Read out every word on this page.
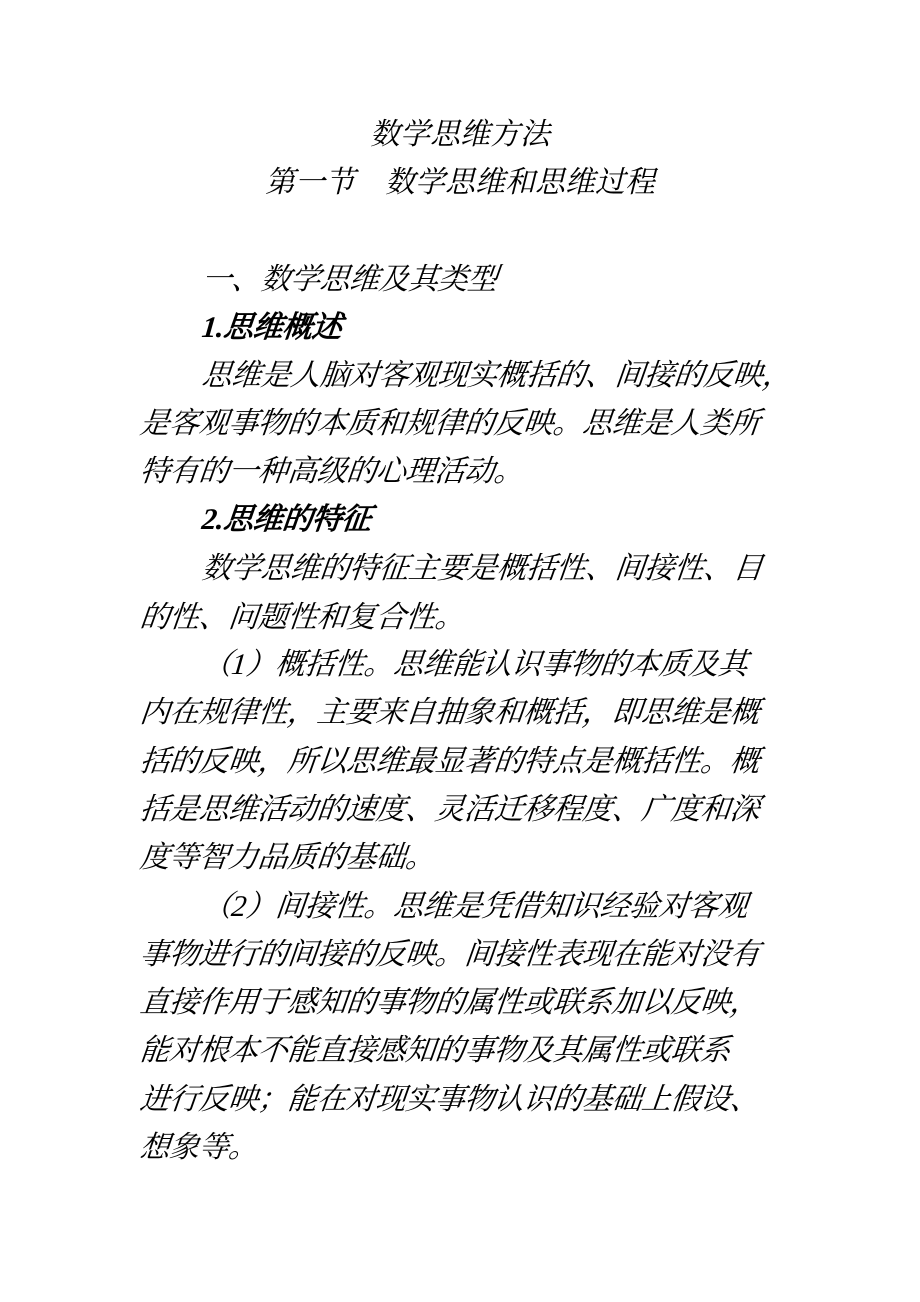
数学思维方法
第一节　数学思维和思维过程
一、数学思维及其类型
1.思维概述
思维是人脑对客观现实概括的、间接的反映，
是客观事物的本质和规律的反映。思维是人类所
特有的一种高级的心理活动。
2.思维的特征
数学思维的特征主要是概括性、间接性、目
的性、问题性和复合性。
（1）概括性。思维能认识事物的本质及其
内在规律性，主要来自抽象和概括，即思维是概
括的反映，所以思维最显著的特点是概括性。概
括是思维活动的速度、灵活迁移程度、广度和深
度等智力品质的基础。
（2）间接性。思维是凭借知识经验对客观
事物进行的间接的反映。间接性表现在能对没有
直接作用于感知的事物的属性或联系加以反映，
能对根本不能直接感知的事物及其属性或联系
进行反映；能在对现实事物认识的基础上假设、
想象等。
